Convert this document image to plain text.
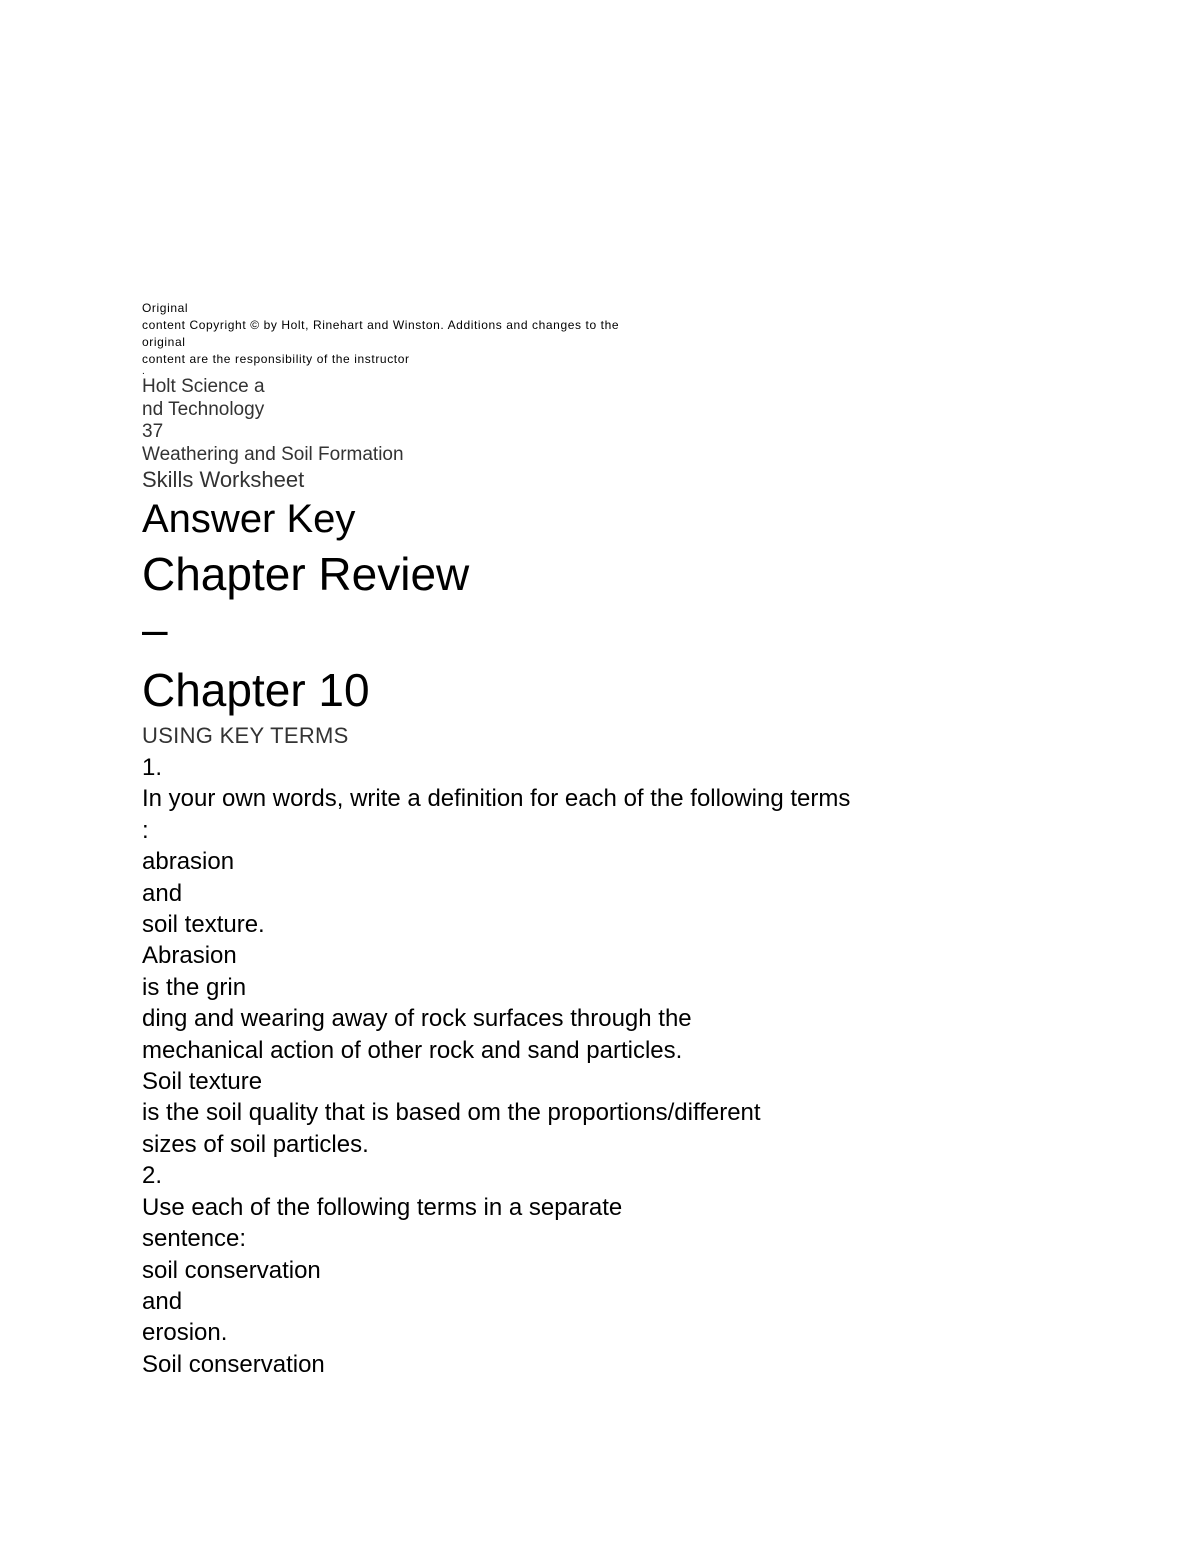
Original
content Copyright © by Holt, Rinehart and Winston. Additions and changes to the
original
content are the responsibility of the instructor
.
Holt Science a
nd Technology
37
Weathering and Soil Formation
Skills Worksheet
Answer Key
Chapter Review
–
Chapter 10
USING KEY TERMS
1.
In your own words, write a definition for each of the following terms
:
abrasion
and
soil texture.
Abrasion
is the grin
ding and wearing away of rock surfaces through the
mechanical action of other rock and sand particles.
Soil texture
is the soil quality that is based om the proportions/different
sizes of soil particles.
2.
Use each of the following terms in a separate
sentence:
soil conservation
and
erosion.
Soil conservation
